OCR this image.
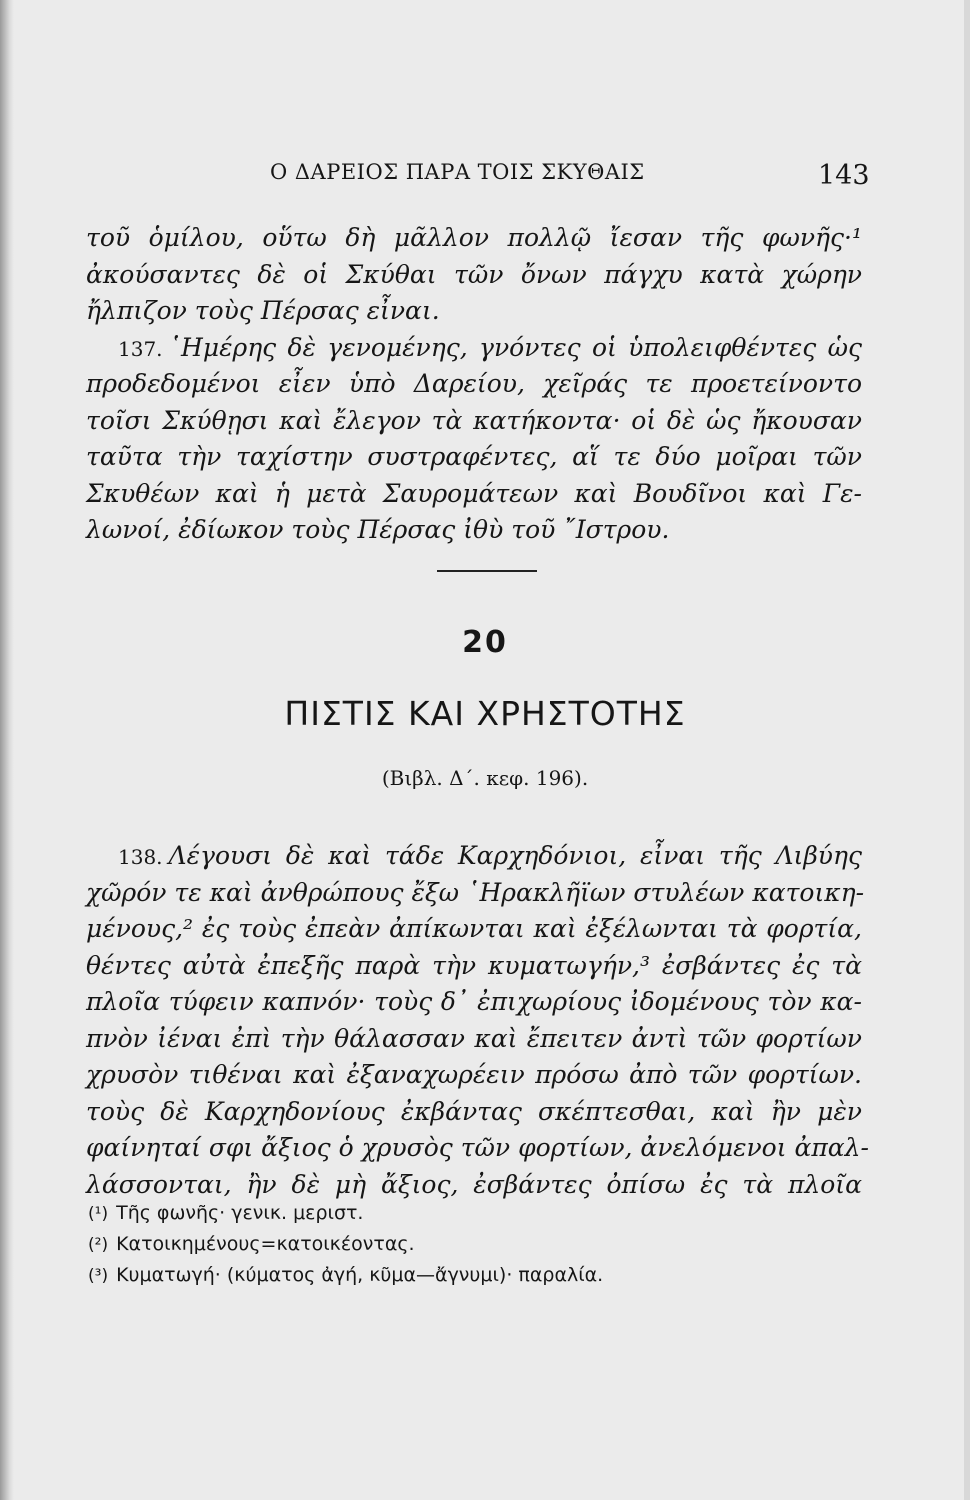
Ο ΔΑΡΕΙΟΣ ΠΑΡΑ ΤΟΙΣ ΣΚΥΘΑΙΣ	143
τοῦ ὁμίλου, οὕτω δὴ μᾶλλον πολλῷ ἴεσαν τῆς φωνῆς·¹
ἀκούσαντες δὲ οἱ Σκύθαι τῶν ὄνων πάγχυ κατὰ χώρην
ἤλπιζον τοὺς Πέρσας εἶναι.
137. ῾Ημέρης δὲ γενομένης, γνόντες οἱ ὑπολειφθέντες ὡς
προδεδομένοι εἶεν ὑπὸ Δαρείου, χεῖράς τε προετείνοντο
τοῖσι Σκύθῃσι καὶ ἔλεγον τὰ κατήκοντα· οἱ δὲ ὡς ἤκουσαν
ταῦτα τὴν ταχίστην συστραφέντες, αἵ τε δύο μοῖραι τῶν
Σκυθέων καὶ ἡ μετὰ Σαυρομάτεων καὶ Βουδῖνοι καὶ Γε-
λωνοί, ἐδίωκον τοὺς Πέρσας ἰθὺ τοῦ ῎Ιστρου.
20
ΠΙΣΤΙΣ ΚΑΙ ΧΡΗΣΤΟΤΗΣ
(Βιβλ. Δ΄. κεφ. 196).
138. Λέγουσι δὲ καὶ τάδε Καρχηδόνιοι, εἶναι τῆς Λιβύης
χῶρόν τε καὶ ἀνθρώπους ἔξω ῾Ηρακλῆϊων στυλέων κατοικη-
μένους,² ἐς τοὺς ἐπεὰν ἀπίκωνται καὶ ἐξέλωνται τὰ φορτία,
θέντες αὐτὰ ἐπεξῆς παρὰ τὴν κυματωγήν,³ ἐσβάντες ἐς τὰ
πλοῖα τύφειν καπνόν· τοὺς δ᾽ ἐπιχωρίους ἰδομένους τὸν κα-
πνὸν ἰέναι ἐπὶ τὴν θάλασσαν καὶ ἔπειτεν ἀντὶ τῶν φορτίων
χρυσὸν τιθέναι καὶ ἐξαναχωρέειν πρόσω ἀπὸ τῶν φορτίων.
τοὺς δὲ Καρχηδονίους ἐκβάντας σκέπτεσθαι, καὶ ἢν μὲν
φαίνηταί σφι ἄξιος ὁ χρυσὸς τῶν φορτίων, ἀνελόμενοι ἀπαλ-
λάσσονται, ἢν δὲ μὴ ἄξιος, ἐσβάντες ὀπίσω ἐς τὰ πλοῖα
(¹) Τῆς φωνῆς· γενικ. μεριστ.
(²) Κατοικημένους=κατοικέοντας.
(³) Κυματωγή· (κύματος ἀγή, κῦμα—ἄγνυμι)· παραλία.
